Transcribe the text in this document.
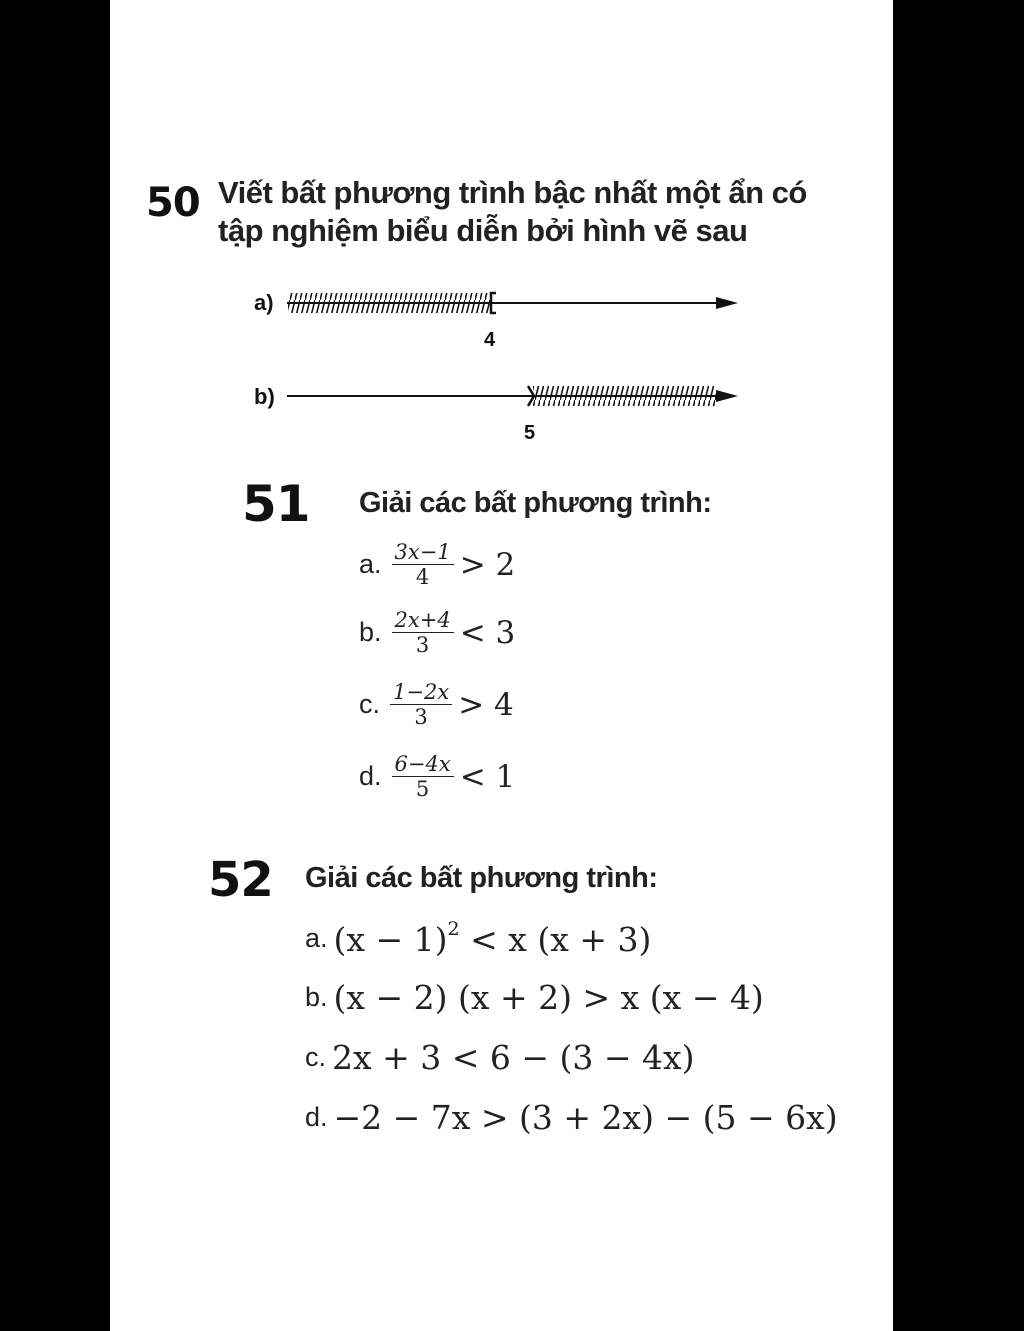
50 Viết bất phương trình bậc nhất một ẩn có
tập nghiệm biểu diễn bởi hình vẽ sau
a)
4
b)
5
51 Giải các bất phương trình:
a. $\frac{3x-1}{4} > 2$
b. $\frac{2x+4}{3} < 3$
c. $\frac{1-2x}{3} > 4$
d. $\frac{6-4x}{5} < 1$
52 Giải các bất phương trình:
a. $(x - 1)^2 < x$ (x + 3)
b. (x − 2) (x + 2) > x (x − 4)
c. 2x + 3 < 6 − (3 − 4x)
d. −2 − 7x > (3 + 2x) − (5 − 6x)
